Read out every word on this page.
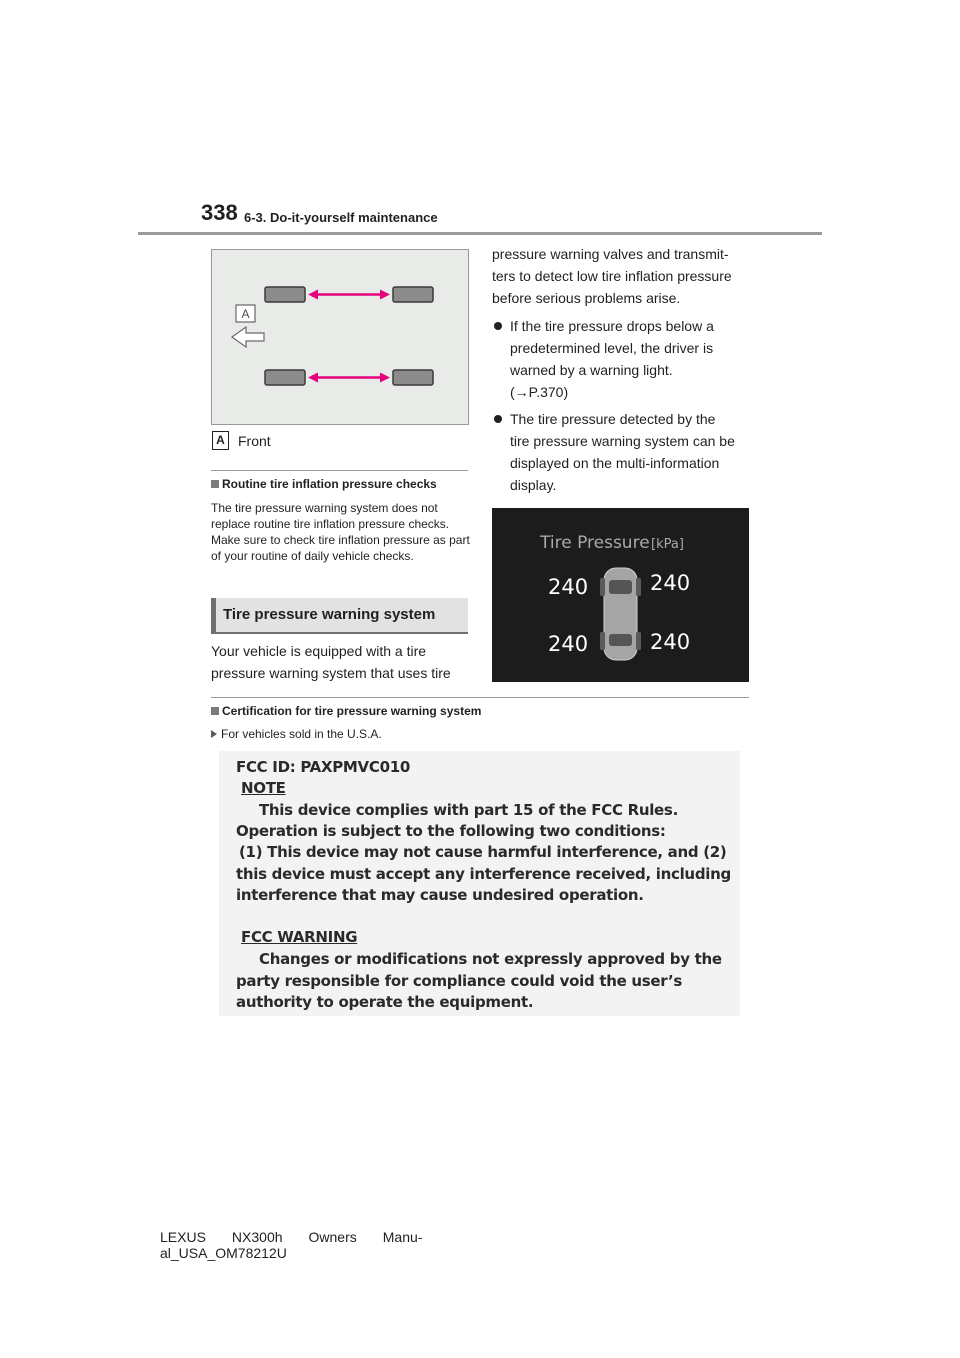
338 6-3. Do-it-yourself maintenance
A
A Front
Routine tire inflation pressure checks
The tire pressure warning system does not replace routine tire inflation pressure checks. Make sure to check tire inflation pressure as part of your routine of daily vehicle checks.
Tire pressure warning system
Your vehicle is equipped with a tire
pressure warning system that uses tire
pressure warning valves and transmit-
ters to detect low tire inflation pressure
before serious problems arise.
If the tire pressure drops below a
predetermined level, the driver is
warned by a warning light.
(→P.370)
The tire pressure detected by the
tire pressure warning system can be
displayed on the multi-information
display.
Tire Pressure [kPa]
240	240
240	240
Certification for tire pressure warning system
For vehicles sold in the U.S.A.
FCC ID: PAXPMVC010
NOTE
This device complies with part 15 of the FCC Rules.
Operation is subject to the following two conditions:
(1) This device may not cause harmful interference, and (2)
this device must accept any interference received, including
interference that may cause undesired operation.
FCC WARNING
Changes or modifications not expressly approved by the
party responsible for compliance could void the user’s
authority to operate the equipment.
LEXUS NX300h Owners Manu-
al_USA_OM78212U
